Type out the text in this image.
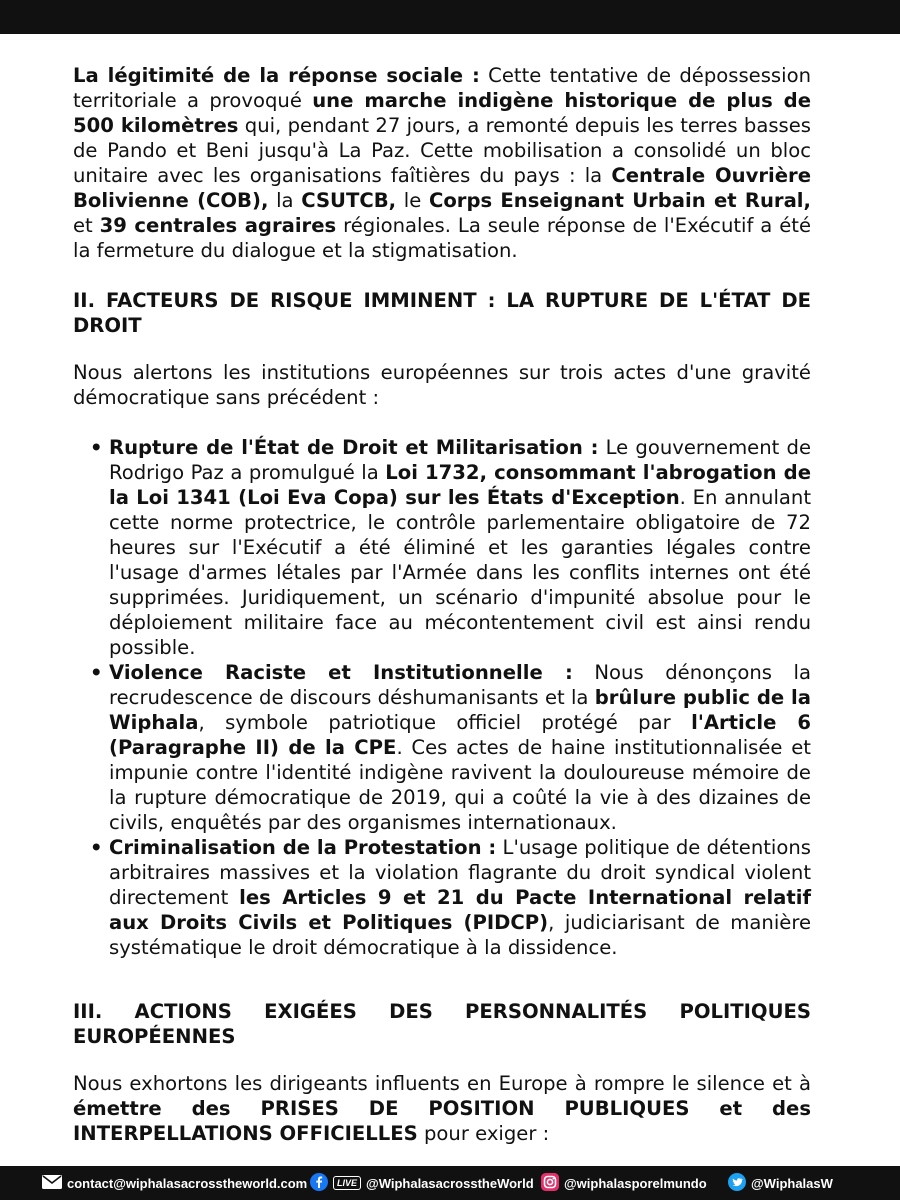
La légitimité de la réponse sociale : Cette tentative de dépossession territoriale a provoqué une marche indigène historique de plus de 500 kilomètres qui, pendant 27 jours, a remonté depuis les terres basses de Pando et Beni jusqu'à La Paz. Cette mobilisation a consolidé un bloc unitaire avec les organisations faîtières du pays : la Centrale Ouvrière Bolivienne (COB), la CSUTCB, le Corps Enseignant Urbain et Rural, et 39 centrales agraires régionales. La seule réponse de l'Exécutif a été la fermeture du dialogue et la stigmatisation.

II. FACTEURS DE RISQUE IMMINENT : LA RUPTURE DE L'ÉTAT DE DROIT

Nous alertons les institutions européennes sur trois actes d'une gravité démocratique sans précédent :

• Rupture de l'État de Droit et Militarisation : Le gouvernement de Rodrigo Paz a promulgué la Loi 1732, consommant l'abrogation de la Loi 1341 (Loi Eva Copa) sur les États d'Exception. En annulant cette norme protectrice, le contrôle parlementaire obligatoire de 72 heures sur l'Exécutif a été éliminé et les garanties légales contre l'usage d'armes létales par l'Armée dans les conflits internes ont été supprimées. Juridiquement, un scénario d'impunité absolue pour le déploiement militaire face au mécontentement civil est ainsi rendu possible.
• Violence Raciste et Institutionnelle : Nous dénonçons la recrudescence de discours déshumanisants et la brûlure public de la Wiphala, symbole patriotique officiel protégé par l'Article 6 (Paragraphe II) de la CPE. Ces actes de haine institutionnalisée et impunie contre l'identité indigène ravivent la douloureuse mémoire de la rupture démocratique de 2019, qui a coûté la vie à des dizaines de civils, enquêtés par des organismes internationaux.
• Criminalisation de la Protestation : L'usage politique de détentions arbitraires massives et la violation flagrante du droit syndical violent directement les Articles 9 et 21 du Pacte International relatif aux Droits Civils et Politiques (PIDCP), judiciarisant de manière systématique le droit démocratique à la dissidence.

III. ACTIONS EXIGÉES DES PERSONNALITÉS POLITIQUES EUROPÉENNES

Nous exhortons les dirigeants influents en Europe à rompre le silence et à émettre des PRISES DE POSITION PUBLIQUES et des INTERPELLATIONS OFFICIELLES pour exiger :

contact@wiphalasacrosstheworld.com	LIVE @WiphalasacrosstheWorld @wiphalasporelmundo	@WiphalasW
